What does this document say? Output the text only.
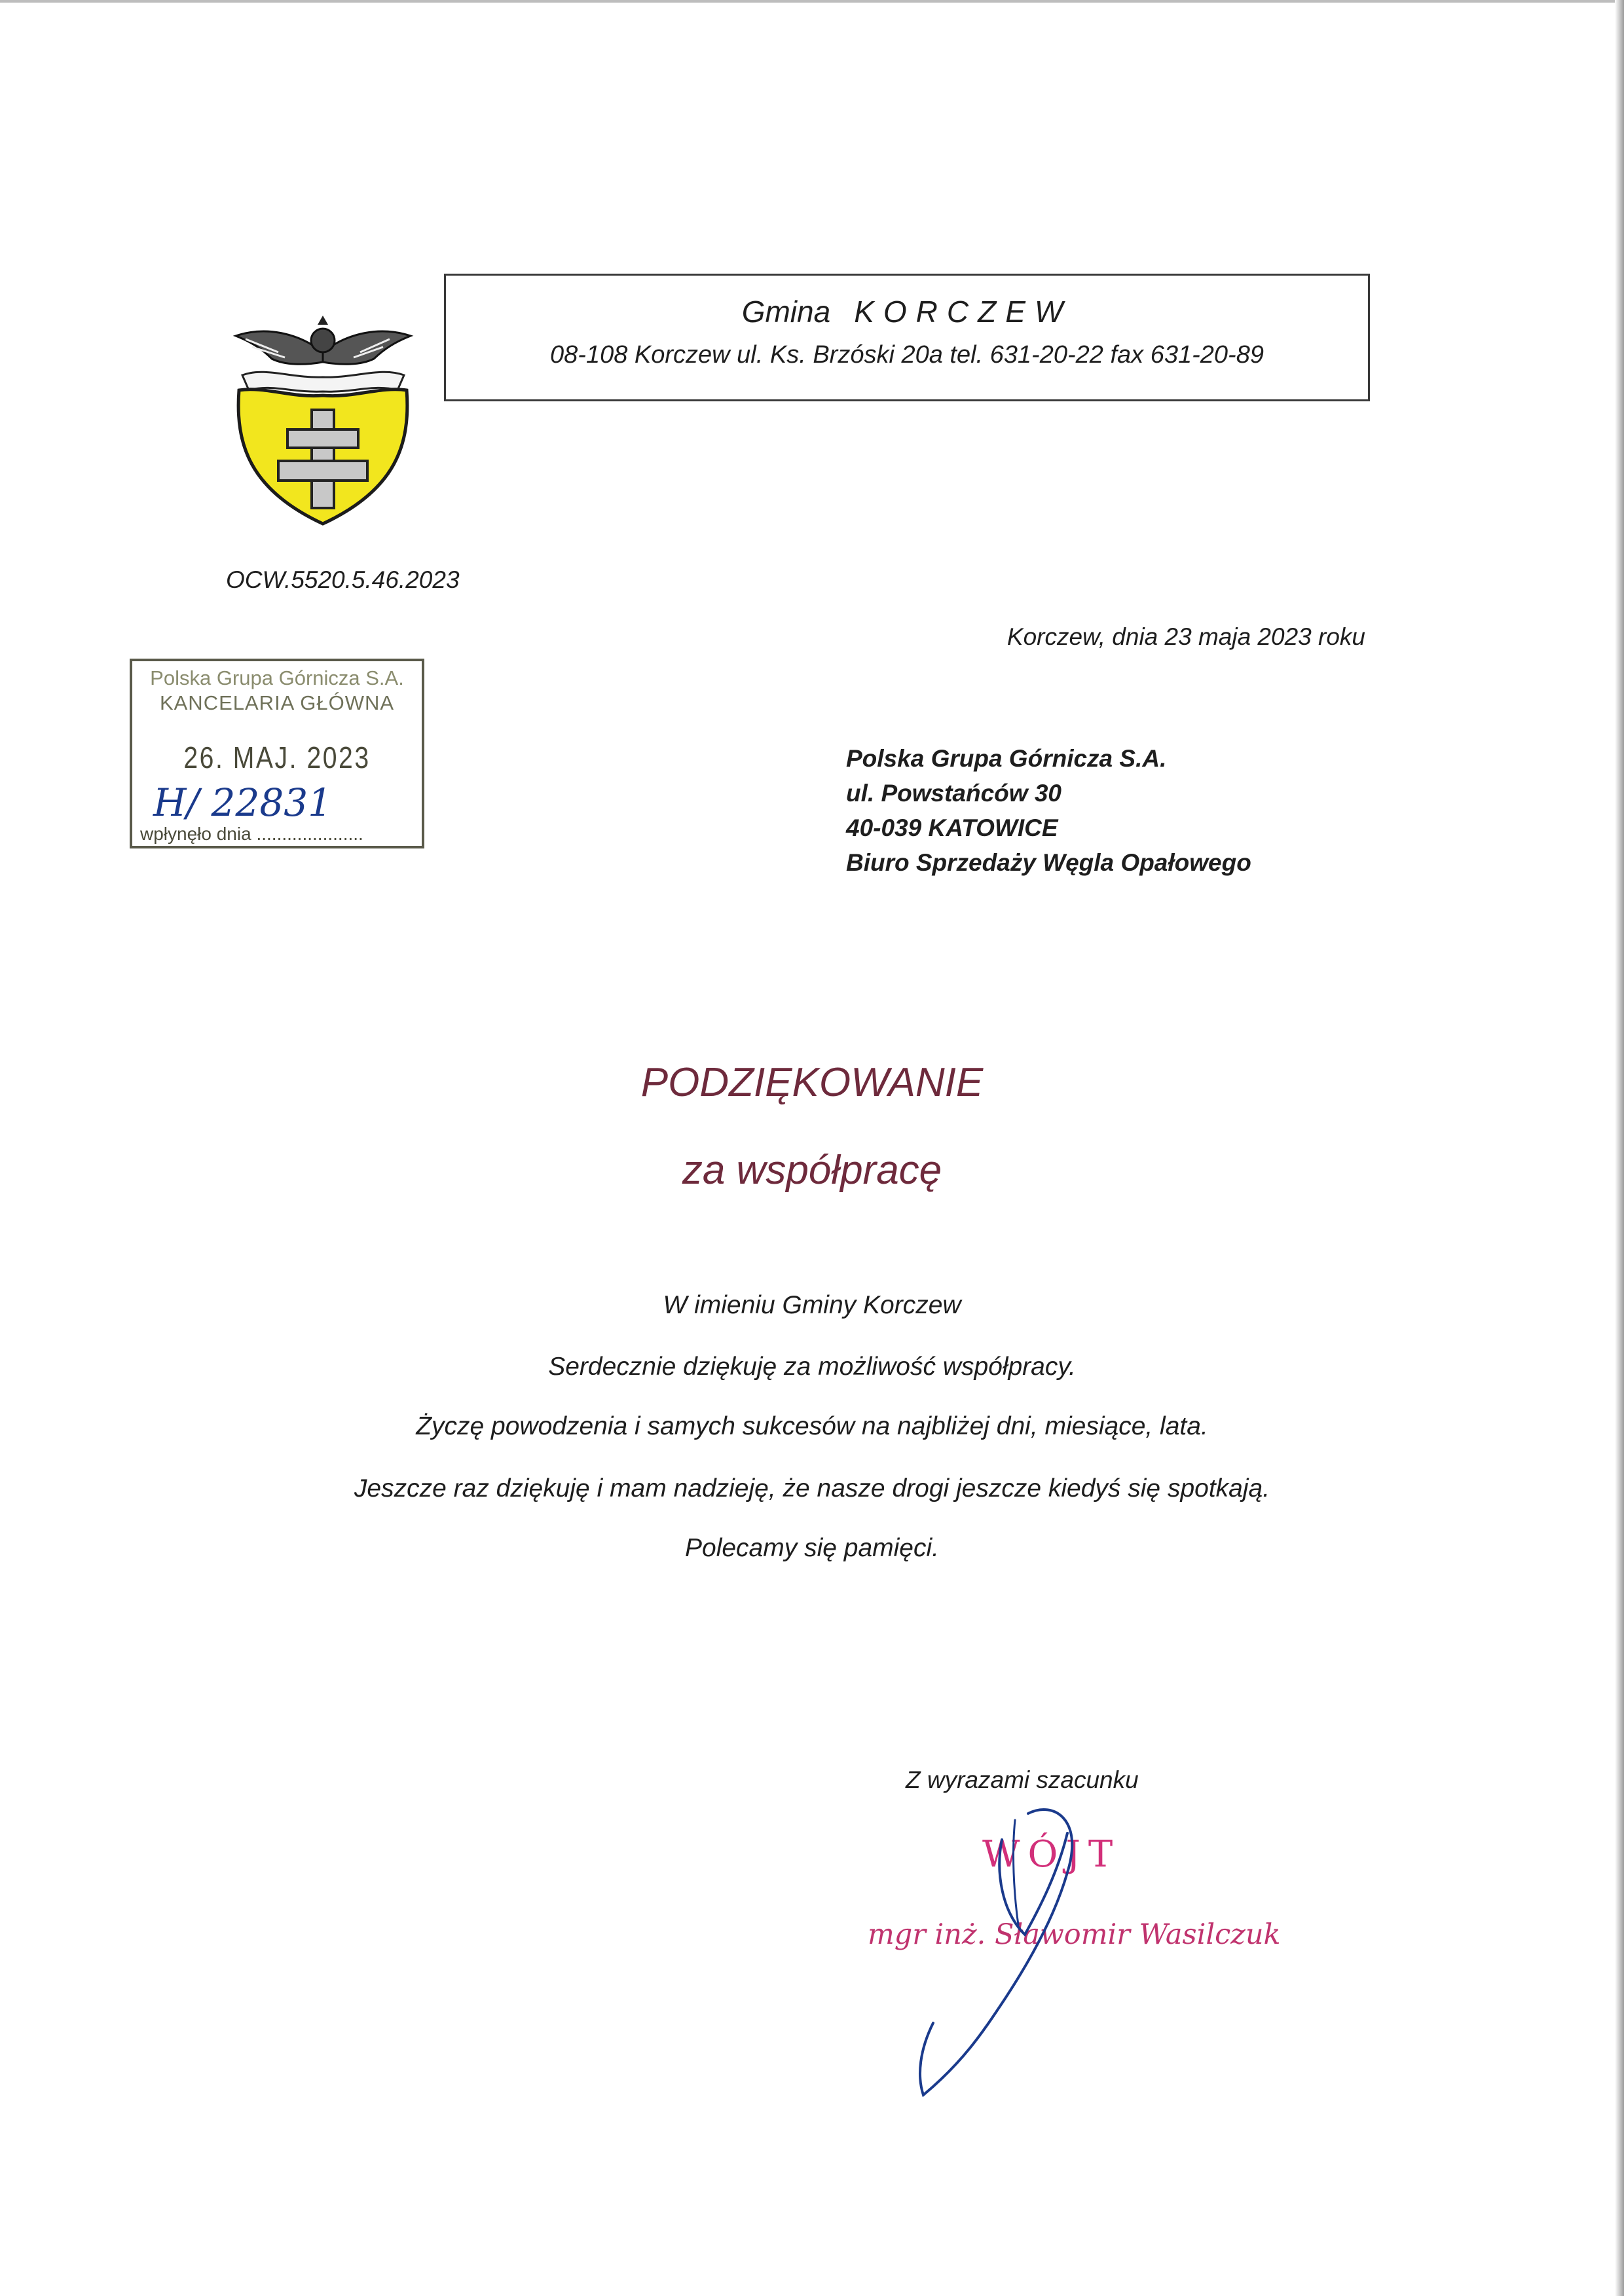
Gmina KORCZEW
08-108 Korczew ul. Ks. Brzóski 20a tel. 631-20-22 fax 631-20-89
OCW.5520.5.46.2023
Korczew, dnia 23 maja 2023 roku
Polska Grupa Górnicza S.A.
KANCELARIA GŁÓWNA
26. MAJ. 2023
H/ 22831
wpłynęło dnia .....................
Polska Grupa Górnicza S.A.
ul. Powstańców 30
40-039 KATOWICE
Biuro Sprzedaży Węgla Opałowego
PODZIĘKOWANIE
za współpracę
W imieniu Gminy Korczew
Serdecznie dziękuję za możliwość współpracy.
Życzę powodzenia i samych sukcesów na najbliżej dni, miesiące, lata.
Jeszcze raz dziękuję i mam nadzieję, że nasze drogi jeszcze kiedyś się spotkają.
Polecamy się pamięci.
Z wyrazami szacunku
WÓJT
mgr inż. Sławomir Wasilczuk
